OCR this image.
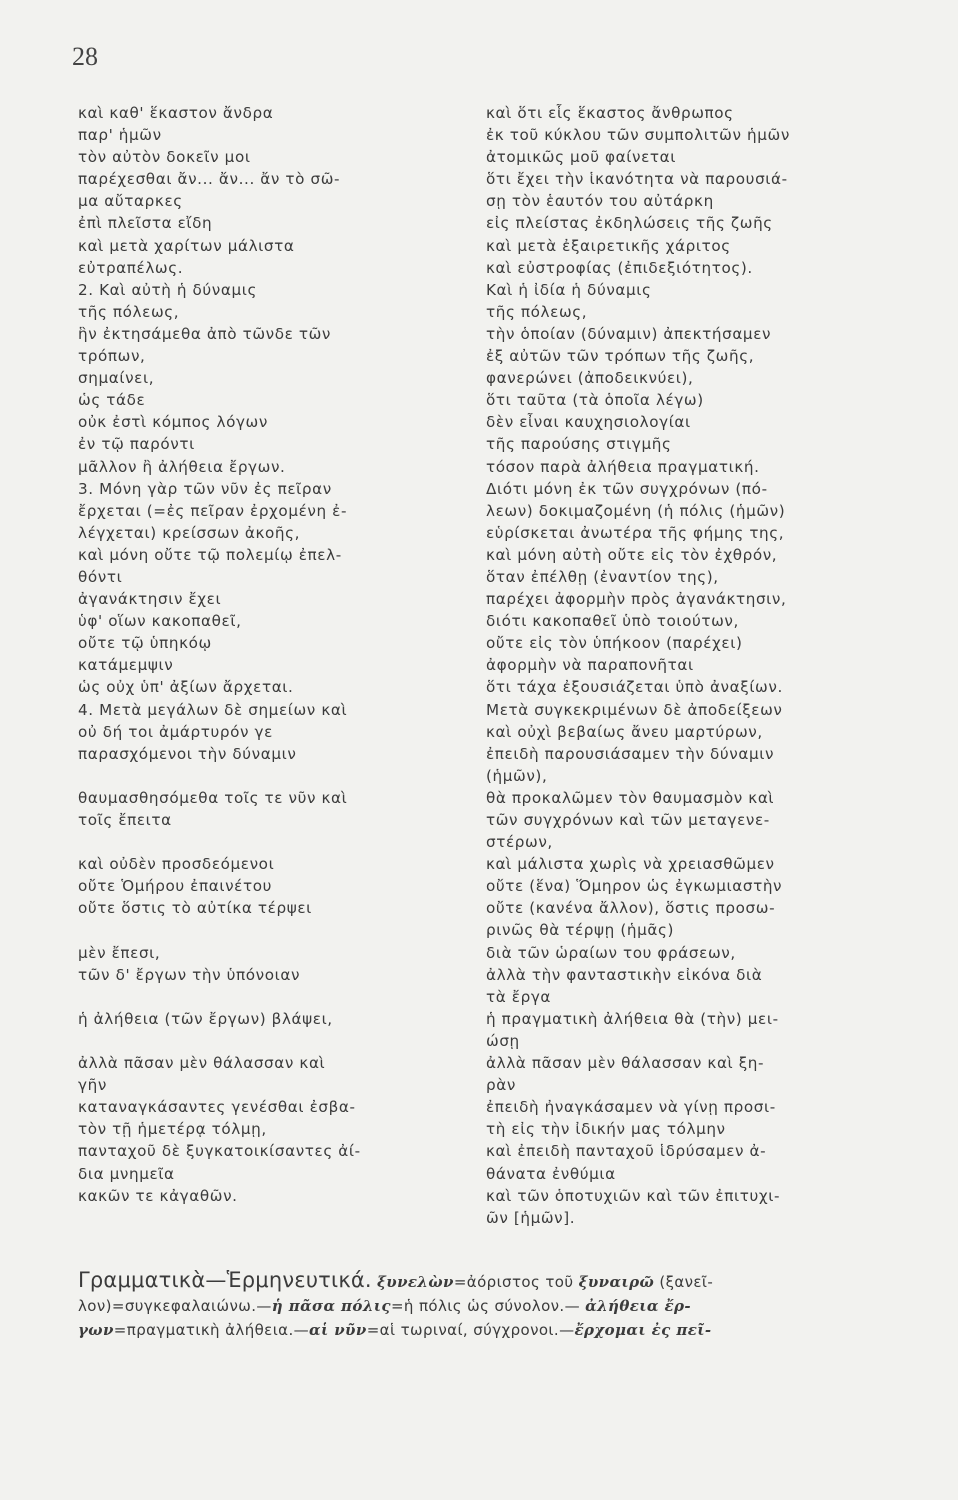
28
καὶ καθ' ἕκαστον ἄνδρα
παρ' ἡμῶν
τὸν αὐτὸν δοκεῖν μοι
παρέχεσθαι ἄν... ἄν... ἄν τὸ σῶ-
μα αὔταρκες
ἐπὶ πλεῖστα εἴδη
καὶ μετὰ χαρίτων μάλιστα
εὐτραπέλως.
2. Καὶ αὐτὴ ἡ δύναμις
τῆς πόλεως,
ἣν ἐκτησάμεθα ἀπὸ τῶνδε τῶν
τρόπων,
σημαίνει,
ὡς τάδε
οὐκ ἐστὶ κόμπος λόγων
ἐν τῷ παρόντι
μᾶλλον ἢ ἀλήθεια ἔργων.
3. Μόνη γὰρ τῶν νῦν ἐς πεῖραν
ἔρχεται (=ἐς πεῖραν ἐρχομένη ἐ-
λέγχεται) κρείσσων ἀκοῆς,
καὶ μόνη οὔτε τῷ πολεμίῳ ἐπελ-
θόντι
ἀγανάκτησιν ἔχει
ὑφ' οἵων κακοπαθεῖ,
οὔτε τῷ ὑπηκόῳ
κατάμεμψιν
ὡς οὐχ ὑπ' ἀξίων ἄρχεται.
4. Μετὰ μεγάλων δὲ σημείων καὶ
οὐ δή τοι ἀμάρτυρόν γε
παρασχόμενοι τὴν δύναμιν
θαυμασθησόμεθα τοῖς τε νῦν καὶ
τοῖς ἔπειτα
καὶ οὐδὲν προσδεόμενοι
οὔτε Ὁμήρου ἐπαινέτου
οὔτε ὅστις τὸ αὐτίκα τέρψει
μὲν ἔπεσι,
τῶν δ' ἔργων τὴν ὑπόνοιαν
ἡ ἀλήθεια (τῶν ἔργων) βλάψει,
ἀλλὰ πᾶσαν μὲν θάλασσαν καὶ
γῆν
καταναγκάσαντες γενέσθαι ἐσβα-
τὸν τῇ ἡμετέρᾳ τόλμῃ,
πανταχοῦ δὲ ξυγκατοικίσαντες ἀί-
δια μνημεῖα
κακῶν τε κἀγαθῶν.
καὶ ὅτι εἷς ἕκαστος ἄνθρωπος
ἐκ τοῦ κύκλου τῶν συμπολιτῶν ἡμῶν
ἀτομικῶς μοῦ φαίνεται
ὅτι ἔχει τὴν ἱκανότητα νὰ παρουσιά-
σῃ τὸν ἑαυτόν του αὐτάρκη
εἰς πλείστας ἐκδηλώσεις τῆς ζωῆς
καὶ μετὰ ἐξαιρετικῆς χάριτος
καὶ εὐστροφίας (ἐπιδεξιότητος).
Καὶ ἡ ἰδία ἡ δύναμις
τῆς πόλεως,
τὴν ὁποίαν (δύναμιν) ἀπεκτήσαμεν
ἐξ αὐτῶν τῶν τρόπων τῆς ζωῆς,
φανερώνει (ἀποδεικνύει),
ὅτι ταῦτα (τὰ ὁποῖα λέγω)
δὲν εἶναι καυχησιολογίαι
τῆς παρούσης στιγμῆς
τόσον παρὰ ἀλήθεια πραγματική.
Διότι μόνη ἐκ τῶν συγχρόνων (πό-
λεων) δοκιμαζομένη (ἡ πόλις (ἡμῶν)
εὑρίσκεται ἀνωτέρα τῆς φήμης της,
καὶ μόνη αὐτὴ οὔτε εἰς τὸν ἐχθρόν,
ὅταν ἐπέλθῃ (ἐναντίον της),
παρέχει ἀφορμὴν πρὸς ἀγανάκτησιν,
διότι κακοπαθεῖ ὑπὸ τοιούτων,
οὔτε εἰς τὸν ὑπήκοον (παρέχει)
ἀφορμὴν νὰ παραπονῆται
ὅτι τάχα ἐξουσιάζεται ὑπὸ ἀναξίων.
Μετὰ συγκεκριμένων δὲ ἀποδείξεων
καὶ οὐχὶ βεβαίως ἄνευ μαρτύρων,
ἐπειδὴ παρουσιάσαμεν τὴν δύναμιν
(ἡμῶν),
θὰ προκαλῶμεν τὸν θαυμασμὸν καὶ
τῶν συγχρόνων καὶ τῶν μεταγενε-
στέρων,
καὶ μάλιστα χωρὶς νὰ χρειασθῶμεν
οὔτε (ἕνα) Ὅμηρον ὡς ἐγκωμιαστὴν
οὔτε (κανένα ἄλλον), ὅστις προσω-
ρινῶς θὰ τέρψῃ (ἡμᾶς)
διὰ τῶν ὡραίων του φράσεων,
ἀλλὰ τὴν φανταστικὴν εἰκόνα διὰ
τὰ ἔργα
ἡ πραγματικὴ ἀλήθεια θὰ (τὴν) μει-
ώσῃ
ἀλλὰ πᾶσαν μὲν θάλασσαν καὶ ξη-
ρὰν
ἐπειδὴ ἠναγκάσαμεν νὰ γίνῃ προσι-
τὴ εἰς τὴν ἰδικήν μας τόλμην
καὶ ἐπειδὴ πανταχοῦ ἱδρύσαμεν ἀ-
θάνατα ἐνθύμια
καὶ τῶν ὁποτυχιῶν καὶ τῶν ἐπιτυχι-
ῶν [ἡμῶν].
Γραμματικὰ—Ἑρμηνευτικά. ξυνελὼν=ἀόριστος τοῦ ξυναιρῶ (ξανεῖ-
λον)=συγκεφαλαιώνω.—ἡ πᾶσα πόλις=ἡ πόλις ὡς σύνολον.— ἀλήθεια ἔρ-
γων=πραγματικὴ ἀλήθεια.—αἱ νῦν=αἱ τωριναί, σύγχρονοι.—ἔρχομαι ἐς πεῖ-
